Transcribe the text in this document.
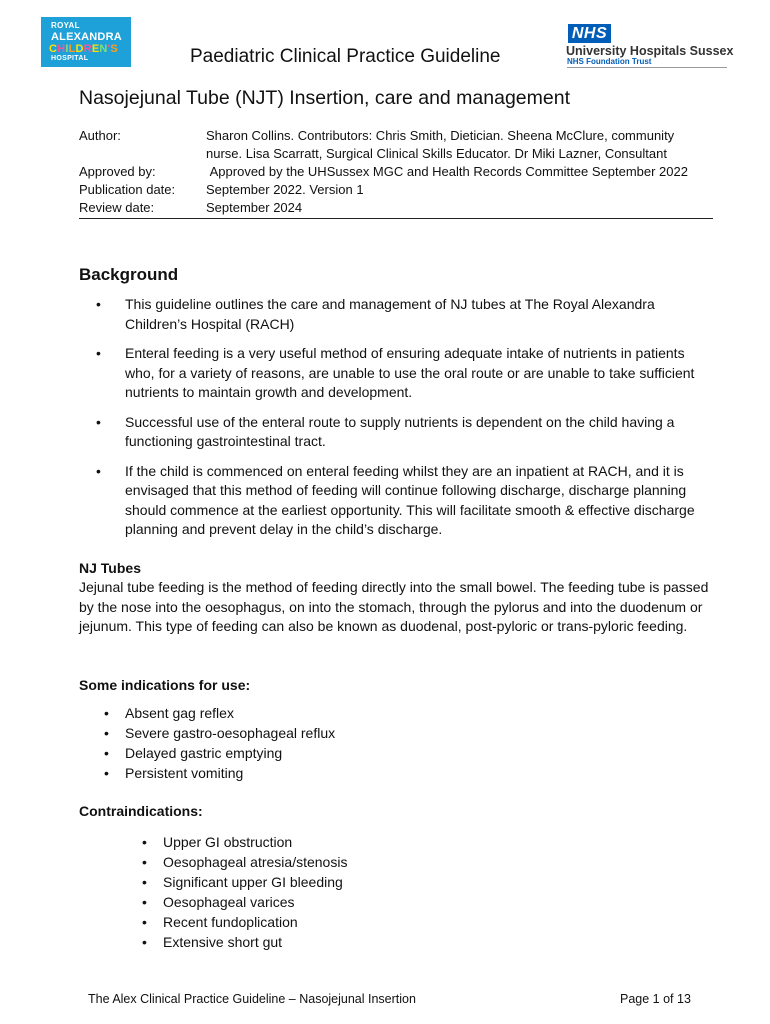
ROYAL
ALEXANDRA
CHILDREN'S
HOSPITAL	Paediatric Clinical Practice Guideline
NHS
University Hospitals Sussex
NHS Foundation Trust
Nasojejunal Tube (NJT) Insertion, care and management
Author:	Sharon Collins. Contributors: Chris Smith, Dietician. Sheena McClure, community nurse. Lisa Scarratt, Surgical Clinical Skills Educator. Dr Miki Lazner, Consultant
Approved by:	Approved by the UHSussex MGC and Health Records Committee September 2022
Publication date:	September 2022. Version 1
Review date:	September 2024
Background
• This guideline outlines the care and management of NJ tubes at The Royal Alexandra Children’s Hospital (RACH)
• Enteral feeding is a very useful method of ensuring adequate intake of nutrients in patients who, for a variety of reasons, are unable to use the oral route or are unable to take sufficient nutrients to maintain growth and development.
• Successful use of the enteral route to supply nutrients is dependent on the child having a functioning gastrointestinal tract.
• If the child is commenced on enteral feeding whilst they are an inpatient at RACH, and it is envisaged that this method of feeding will continue following discharge, discharge planning should commence at the earliest opportunity. This will facilitate smooth & effective discharge planning and prevent delay in the child’s discharge.
NJ Tubes
Jejunal tube feeding is the method of feeding directly into the small bowel. The feeding tube is passed by the nose into the oesophagus, on into the stomach, through the pylorus and into the duodenum or jejunum. This type of feeding can also be known as duodenal, post-pyloric or trans-pyloric feeding.
Some indications for use:
• Absent gag reflex
• Severe gastro-oesophageal reflux
• Delayed gastric emptying
• Persistent vomiting
Contraindications:
• Upper GI obstruction
• Oesophageal atresia/stenosis
• Significant upper GI bleeding
• Oesophageal varices
• Recent fundoplication
• Extensive short gut
The Alex Clinical Practice Guideline – Nasojejunal Insertion	Page 1 of 13
